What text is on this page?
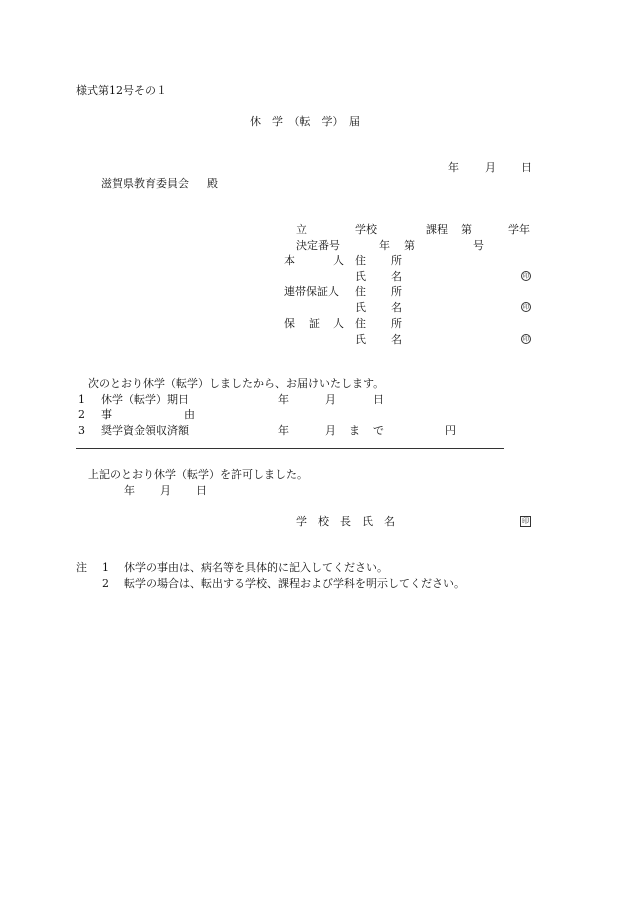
様式第12号その１
休　学　（転　学）　届
年 月 日
滋賀県教育委員会 殿
立	学校	課程 第	学年
決定番号	年 第	号
本	人 住 所
氏 名	印
連帯保証人 住 所
氏 名	印
保 証 人 住 所
氏 名	印
次のとおり休学（転学）しましたから、お届けいたします。
1 休学（転学）期日	年	月	日
2 事	由
3 奨学資金領収済額	年	月 ま で	円
上記のとおり休学（転学）を許可しました。
年 月 日
学　校　長　氏　名	印
注 1 休学の事由は、病名等を具体的に記入してください。
2 転学の場合は、転出する学校、課程および学科を明示してください。
